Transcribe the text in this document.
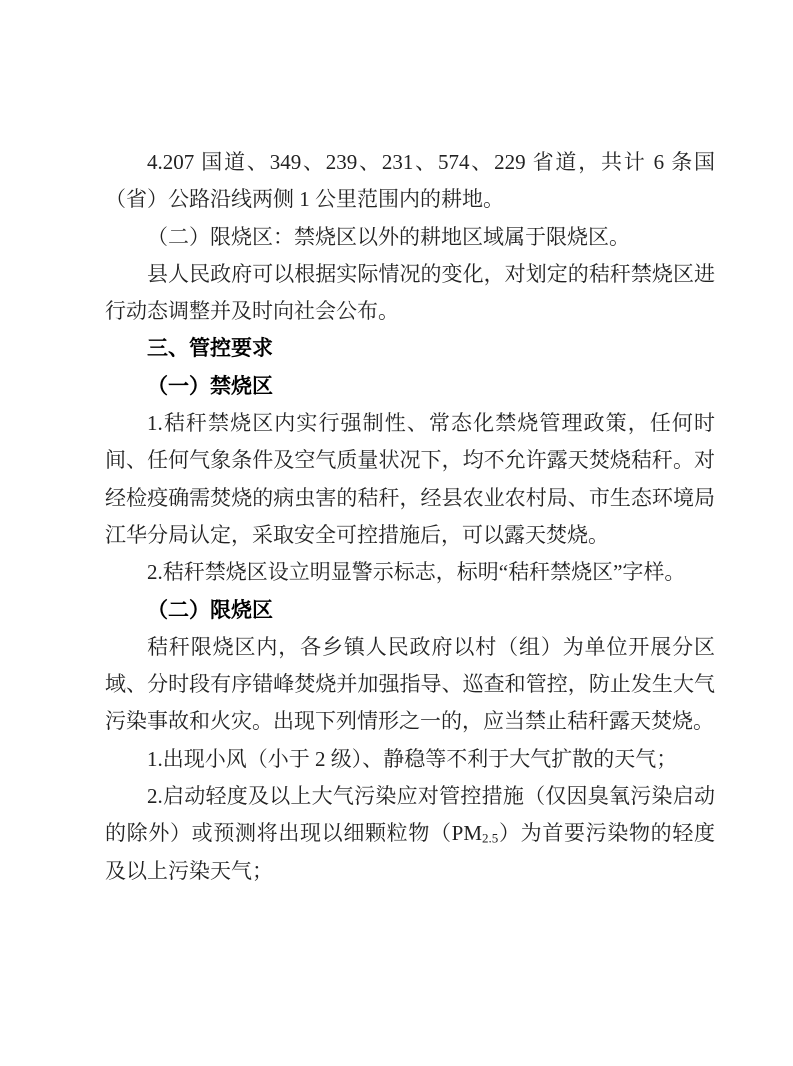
4.207 国道、349、239、231、574、229 省道，共计 6 条国（省）公路沿线两侧 1 公里范围内的耕地。

（二）限烧区：禁烧区以外的耕地区域属于限烧区。

县人民政府可以根据实际情况的变化，对划定的秸秆禁烧区进行动态调整并及时向社会公布。

三、管控要求

（一）禁烧区

1.秸秆禁烧区内实行强制性、常态化禁烧管理政策，任何时间、任何气象条件及空气质量状况下，均不允许露天焚烧秸秆。对经检疫确需焚烧的病虫害的秸秆，经县农业农村局、市生态环境局江华分局认定，采取安全可控措施后，可以露天焚烧。

2.秸秆禁烧区设立明显警示标志，标明“秸秆禁烧区”字样。

（二）限烧区

秸秆限烧区内，各乡镇人民政府以村（组）为单位开展分区域、分时段有序错峰焚烧并加强指导、巡查和管控，防止发生大气污染事故和火灾。出现下列情形之一的，应当禁止秸秆露天焚烧。

1.出现小风（小于 2 级）、静稳等不利于大气扩散的天气；

2.启动轻度及以上大气污染应对管控措施（仅因臭氧污染启动的除外）或预测将出现以细颗粒物$(PM_{2.5})$为首要污染物的轻度及以上污染天气；
